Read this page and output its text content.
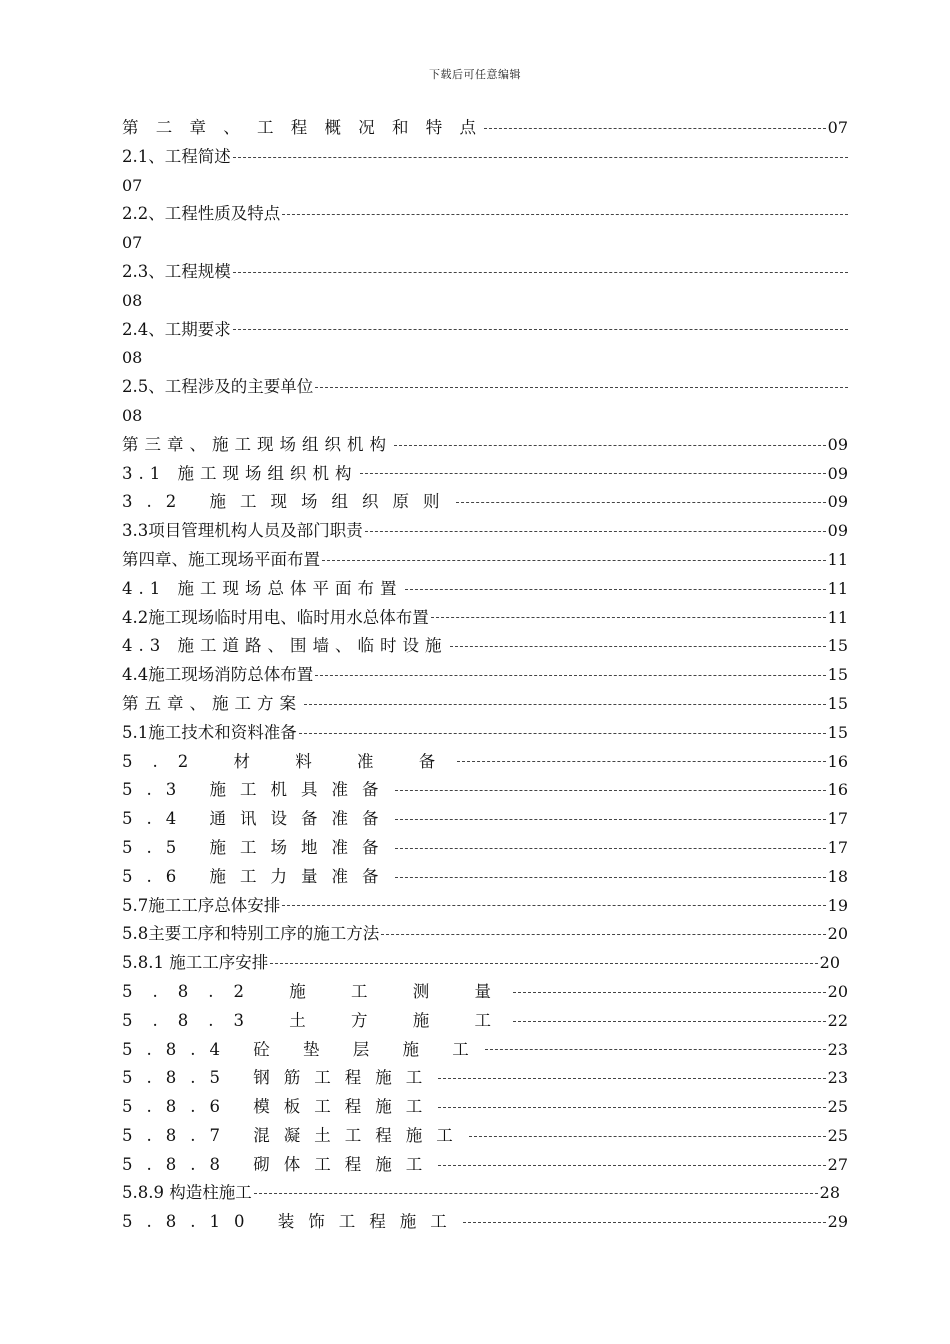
下载后可任意编辑
第 二 章 、 工 程 概 况 和 特 点	07
2.1、工程简述
07
2.2、工程性质及特点
07
2.3、工程规模
08
2.4、工期要求
08
2.5、工程涉及的主要单位
08
第三章、施工现场组织机构	09
3.1 施工现场组织机构	09
3.2 施工现场组织原则	09
3.3项目管理机构人员及部门职责	09
第四章、施工现场平面布置	11
4.1 施工现场总体平面布置	11
4.2施工现场临时用电、临时用水总体布置	11
4.3 施工道路、围墙、临时设施	15
4.4施工现场消防总体布置	15
第五章、施工方案	15
5.1施工技术和资料准备	15
5.2 材 料 准 备	16
5.3 施工机具准备	16
5.4 通讯设备准备	17
5.5 施工场地准备	17
5.6 施工力量准备	18
5.7施工工序总体安排	19
5.8主要工序和特别工序的施工方法	20
5.8.1 施工工序安排	20
5.8.2 施 工 测 量	20
5.8.3 土 方 施 工	22
5.8.4 砼 垫 层 施 工	23
5.8.5 钢筋工程施工	23
5.8.6 模板工程施工	25
5.8.7 混凝土工程施工	25
5.8.8 砌体工程施工	27
5.8.9 构造柱施工	28
5.8.10 装饰工程施工	29
